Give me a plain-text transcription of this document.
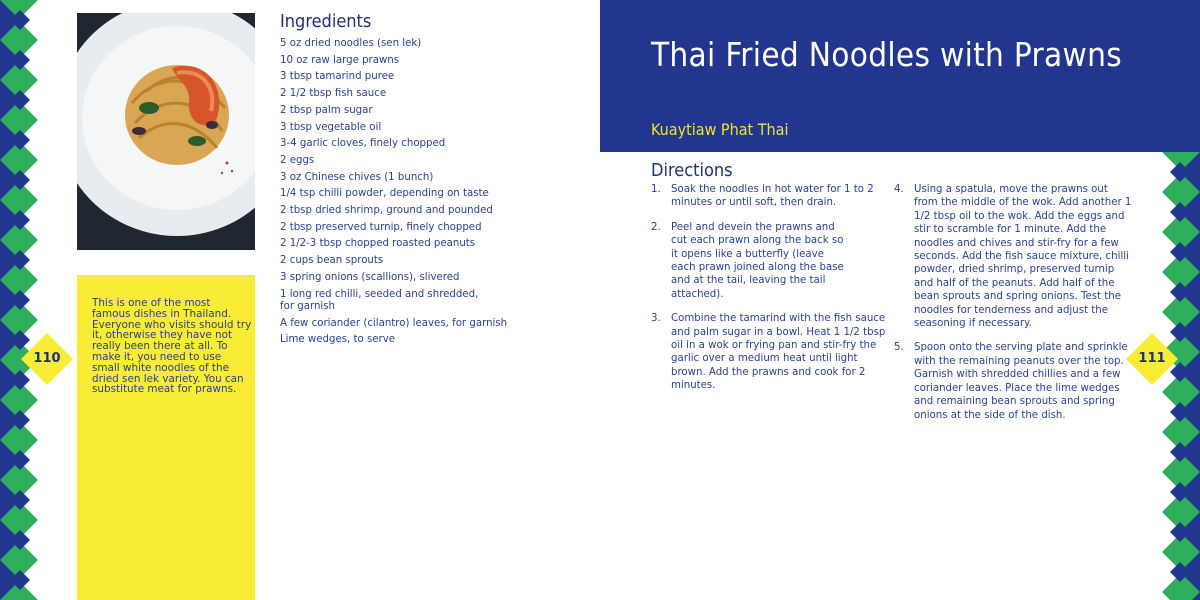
This is one of the most famous dishes in Thailand. Everyone who visits should try it, otherwise they have not really been there at all. To make it, you need to use small white noodles of the dried sen lek variety. You can substitute meat for prawns.

110
Ingredients
5 oz dried noodles (sen lek)
10 oz raw large prawns
3 tbsp tamarind puree
2 1/2 tbsp fish sauce
2 tbsp palm sugar
3 tbsp vegetable oil
3-4 garlic cloves, finely chopped
2 eggs
3 oz Chinese chives (1 bunch)
1/4 tsp chilli powder, depending on taste
2 tbsp dried shrimp, ground and pounded
2 tbsp preserved turnip, finely chopped
2 1/2-3 tbsp chopped roasted peanuts
2 cups bean sprouts
3 spring onions (scallions), slivered
1 long red chilli, seeded and shredded, for garnish
A few coriander (cilantro) leaves, for garnish
Lime wedges, to serve
Thai Fried Noodles with Prawns
Kuaytiaw Phat Thai
Directions
1. Soak the noodles in hot water for 1 to 2 minutes or until soft, then drain.
2. Peel and devein the prawns and cut each prawn along the back so it opens like a butterfly (leave each prawn joined along the base and at the tail, leaving the tail attached).
3. Combine the tamarind with the fish sauce and palm sugar in a bowl. Heat 1 1/2 tbsp oil in a wok or frying pan and stir-fry the garlic over a medium heat until light brown. Add the prawns and cook for 2 minutes.
4. Using a spatula, move the prawns out from the middle of the wok. Add another 1 1/2 tbsp oil to the wok. Add the eggs and stir to scramble for 1 minute. Add the noodles and chives and stir-fry for a few seconds. Add the fish sauce mixture, chilli powder, dried shrimp, preserved turnip and half of the peanuts. Add half of the bean sprouts and spring onions. Test the noodles for tenderness and adjust the seasoning if necessary.
5. Spoon onto the serving plate and sprinkle with the remaining peanuts over the top. Garnish with shredded chillies and a few coriander leaves. Place the lime wedges and remaining bean sprouts and spring onions at the side of the dish.
111
